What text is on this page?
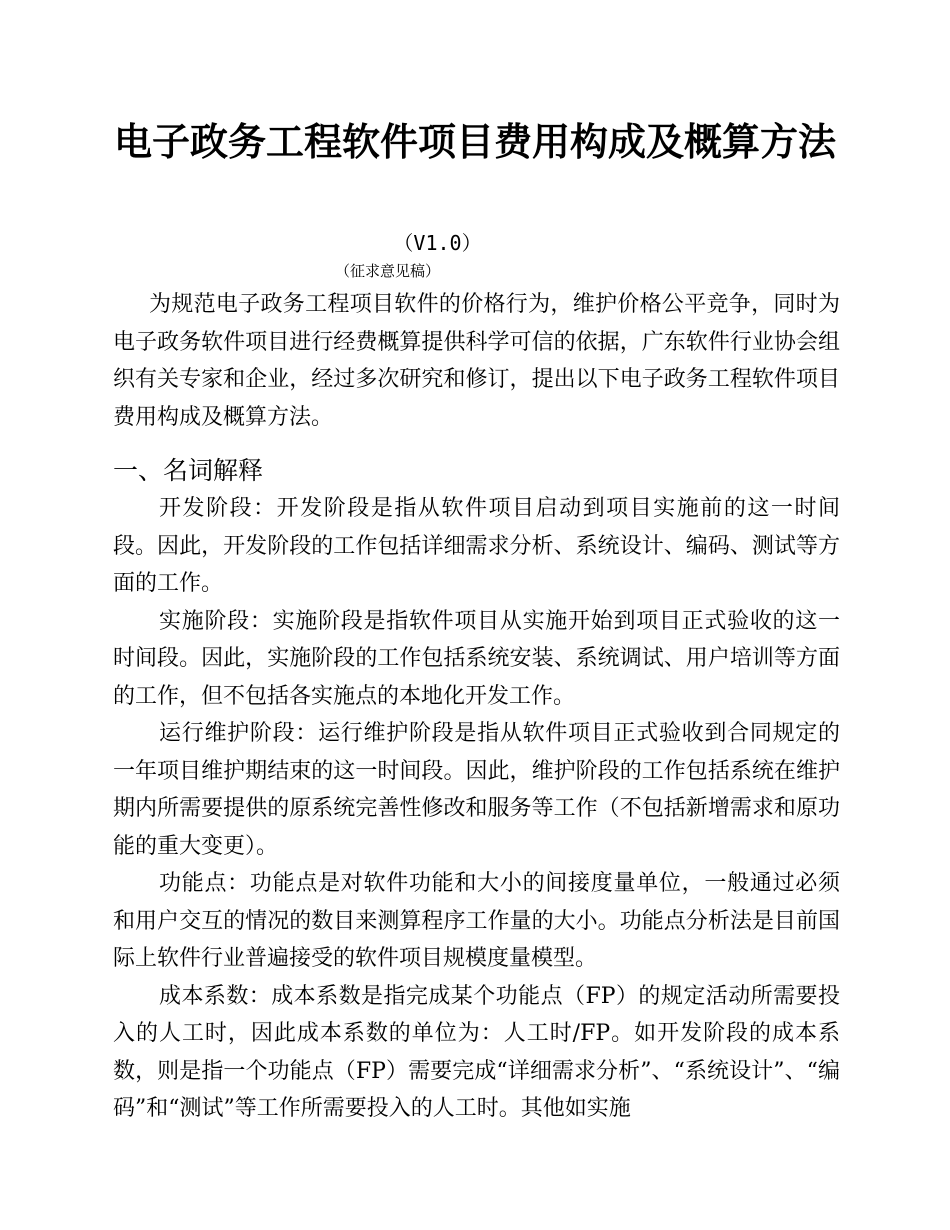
电子政务工程软件项目费用构成及概算方法
（V1.0）
（征求意见稿）

为规范电子政务工程项目软件的价格行为，维护价格公平竞争，同时为电子政务软件项目进行经费概算提供科学可信的依据，广东软件行业协会组织有关专家和企业，经过多次研究和修订，提出以下电子政务工程软件项目费用构成及概算方法。

一、名词解释

开发阶段：开发阶段是指从软件项目启动到项目实施前的这一时间段。因此，开发阶段的工作包括详细需求分析、系统设计、编码、测试等方面的工作。

实施阶段：实施阶段是指软件项目从实施开始到项目正式验收的这一时间段。因此，实施阶段的工作包括系统安装、系统调试、用户培训等方面的工作，但不包括各实施点的本地化开发工作。

运行维护阶段：运行维护阶段是指从软件项目正式验收到合同规定的一年项目维护期结束的这一时间段。因此，维护阶段的工作包括系统在维护期内所需要提供的原系统完善性修改和服务等工作（不包括新增需求和原功能的重大变更）。

功能点：功能点是对软件功能和大小的间接度量单位，一般通过必须和用户交互的情况的数目来测算程序工作量的大小。功能点分析法是目前国际上软件行业普遍接受的软件项目规模度量模型。

成本系数：成本系数是指完成某个功能点（FP）的规定活动所需要投入的人工时，因此成本系数的单位为：人工时/FP。如开发阶段的成本系数，则是指一个功能点（FP）需要完成“详细需求分析”、“系统设计”、“编码”和“测试”等工作所需要投入的人工时。其他如实施
